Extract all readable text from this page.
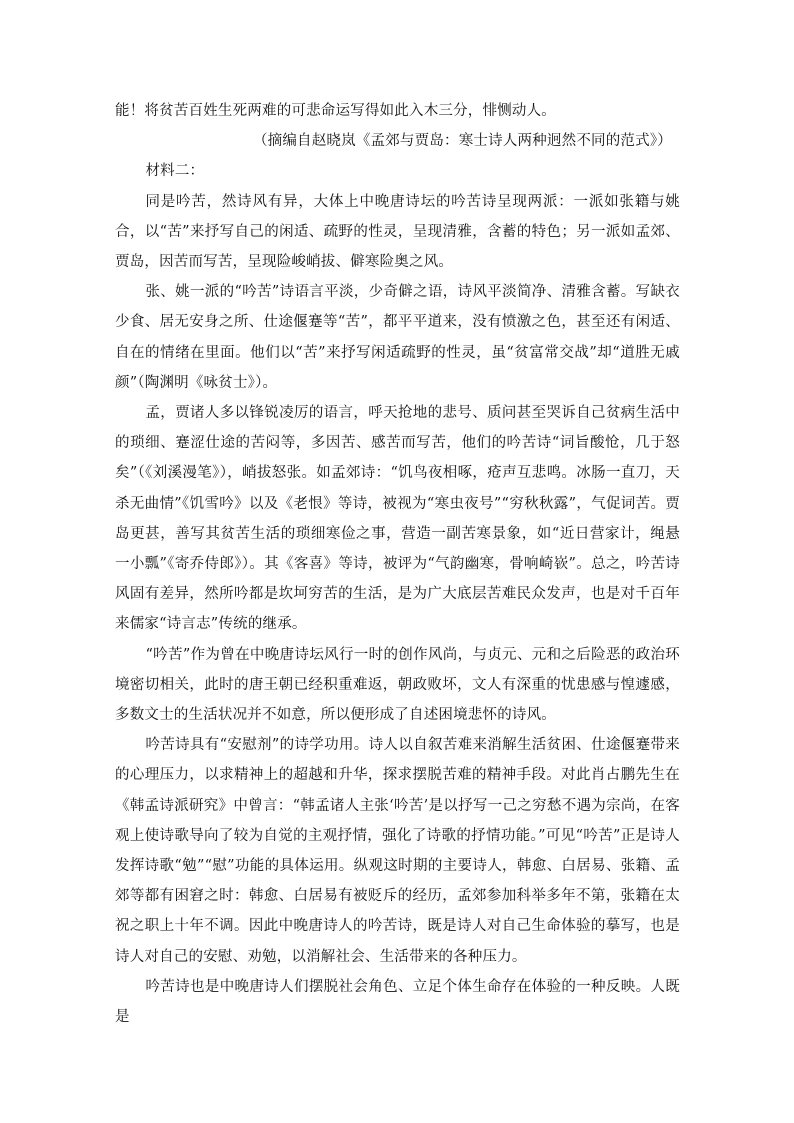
能！将贫苦百姓生死两难的可悲命运写得如此入木三分，悱恻动人。

（摘编自赵晓岚《孟郊与贾岛：寒士诗人两种迥然不同的范式》）

材料二：

同是吟苦，然诗风有异，大体上中晚唐诗坛的吟苦诗呈现两派：一派如张籍与姚合，以“苦”来抒写自己的闲适、疏野的性灵，呈现清雅，含蓄的特色；另一派如孟郊、贾岛，因苦而写苦，呈现险峻峭拔、僻寒险奥之风。

张、姚一派的“吟苦”诗语言平淡，少奇僻之语，诗风平淡简净、清雅含蓄。写缺衣少食、居无安身之所、仕途偃蹇等“苦”，都平平道来，没有愤激之色，甚至还有闲适、自在的情绪在里面。他们以“苦”来抒写闲适疏野的性灵，虽“贫富常交战”却“道胜无戚颜”（陶渊明《咏贫士》）。

孟，贾诸人多以锋锐凌厉的语言，呼天抢地的悲号、质问甚至哭诉自己贫病生活中的琐细、蹇涩仕途的苦闷等，多因苦、感苦而写苦，他们的吟苦诗“词旨酸怆，几于怒矣”（《刘溪漫笔》），峭拔怒张。如孟郊诗：“饥鸟夜相啄，疮声互悲鸣。冰肠一直刀，天杀无曲情”《饥雪吟》以及《老恨》等诗，被视为“寒虫夜号”“穷秋秋露”，气促词苦。贾岛更甚，善写其贫苦生活的琐细寒俭之事，营造一副苦寒景象，如“近日营家计，绳悬一小瓢”《寄乔侍郎》）。其《客喜》等诗，被评为“气韵幽寒，骨响崎嵚”。总之，吟苦诗风固有差异，然所吟都是坎坷穷苦的生活，是为广大底层苦难民众发声，也是对千百年来儒家“诗言志”传统的继承。

“吟苦”作为曾在中晚唐诗坛风行一时的创作风尚，与贞元、元和之后险恶的政治环境密切相关，此时的唐王朝已经积重难返，朝政败坏，文人有深重的忧患感与惶遽感，多数文士的生活状况并不如意，所以便形成了自述困境悲怀的诗风。

吟苦诗具有“安慰剂”的诗学功用。诗人以自叙苦难来消解生活贫困、仕途偃蹇带来的心理压力，以求精神上的超越和升华，探求摆脱苦难的精神手段。对此肖占鹏先生在《韩孟诗派研究》中曾言：“韩孟诸人主张‘吟苦’是以抒写一己之穷愁不遇为宗尚，在客观上使诗歌导向了较为自觉的主观抒情，强化了诗歌的抒情功能。”可见“吟苦”正是诗人发挥诗歌“勉”“慰”功能的具体运用。纵观这时期的主要诗人，韩愈、白居易、张籍、孟郊等都有困窘之时：韩愈、白居易有被贬斥的经历，孟郊参加科举多年不第，张籍在太祝之职上十年不调。因此中晚唐诗人的吟苦诗，既是诗人对自己生命体验的摹写，也是诗人对自己的安慰、劝勉，以消解社会、生活带来的各种压力。

吟苦诗也是中晚唐诗人们摆脱社会角色、立足个体生命存在体验的一种反映。人既是
